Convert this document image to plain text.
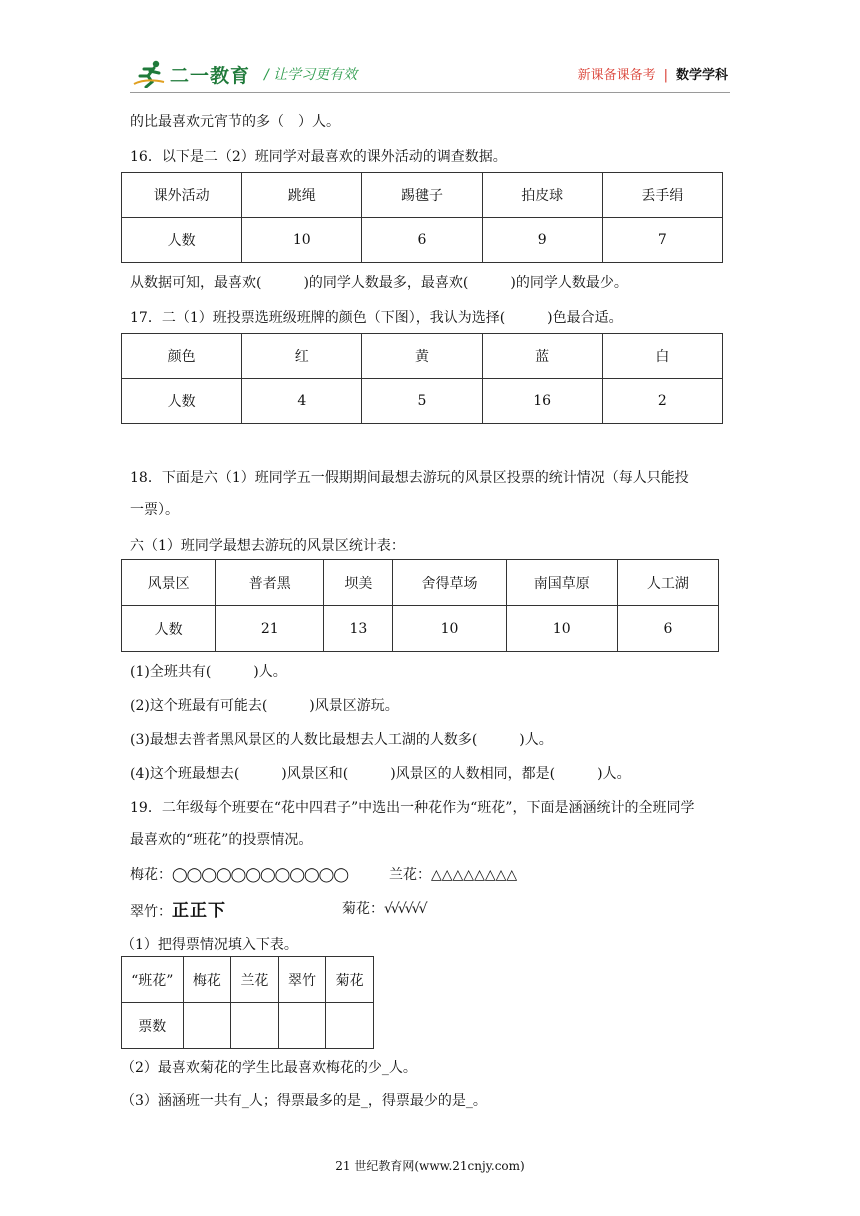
二一教育 / 让学习更有效	新课备课备考 | 数学学科
的比最喜欢元宵节的多（　）人。
16．以下是二（2）班同学对最喜欢的课外活动的调查数据。
课外活动	跳绳	踢毽子	拍皮球	丢手绢
人数	10	6	9	7
从数据可知，最喜欢(　　　)的同学人数最多，最喜欢(　　　)的同学人数最少。
17．二（1）班投票选班级班牌的颜色（下图），我认为选择(　　　)色最合适。
颜色	红	黄	蓝	白
人数	4	5	16	2
18．下面是六（1）班同学五一假期期间最想去游玩的风景区投票的统计情况（每人只能投
一票）。
六（1）班同学最想去游玩的风景区统计表：
风景区	普者黑	坝美	舍得草场	南国草原	人工湖
人数	21	13	10	10	6
(1)全班共有(　　　)人。
(2)这个班最有可能去(　　　)风景区游玩。
(3)最想去普者黑风景区的人数比最想去人工湖的人数多(　　　)人。
(4)这个班最想去(　　　)风景区和(　　　)风景区的人数相同，都是(　　　)人。
19．二年级每个班要在“花中四君子”中选出一种花作为“班花”，下面是涵涵统计的全班同学
最喜欢的“班花”的投票情况。
梅花：◯◯◯◯◯◯◯◯◯◯◯◯	兰花：△△△△△△△△
翠竹：正正下	菊花：√√√√√√
（1）把得票情况填入下表。
“班花”	梅花	兰花	翠竹	菊花
票数				
（2）最喜欢菊花的学生比最喜欢梅花的少_人。
（3）涵涵班一共有_人；得票最多的是_，得票最少的是_。
21 世纪教育网(www.21cnjy.com)
